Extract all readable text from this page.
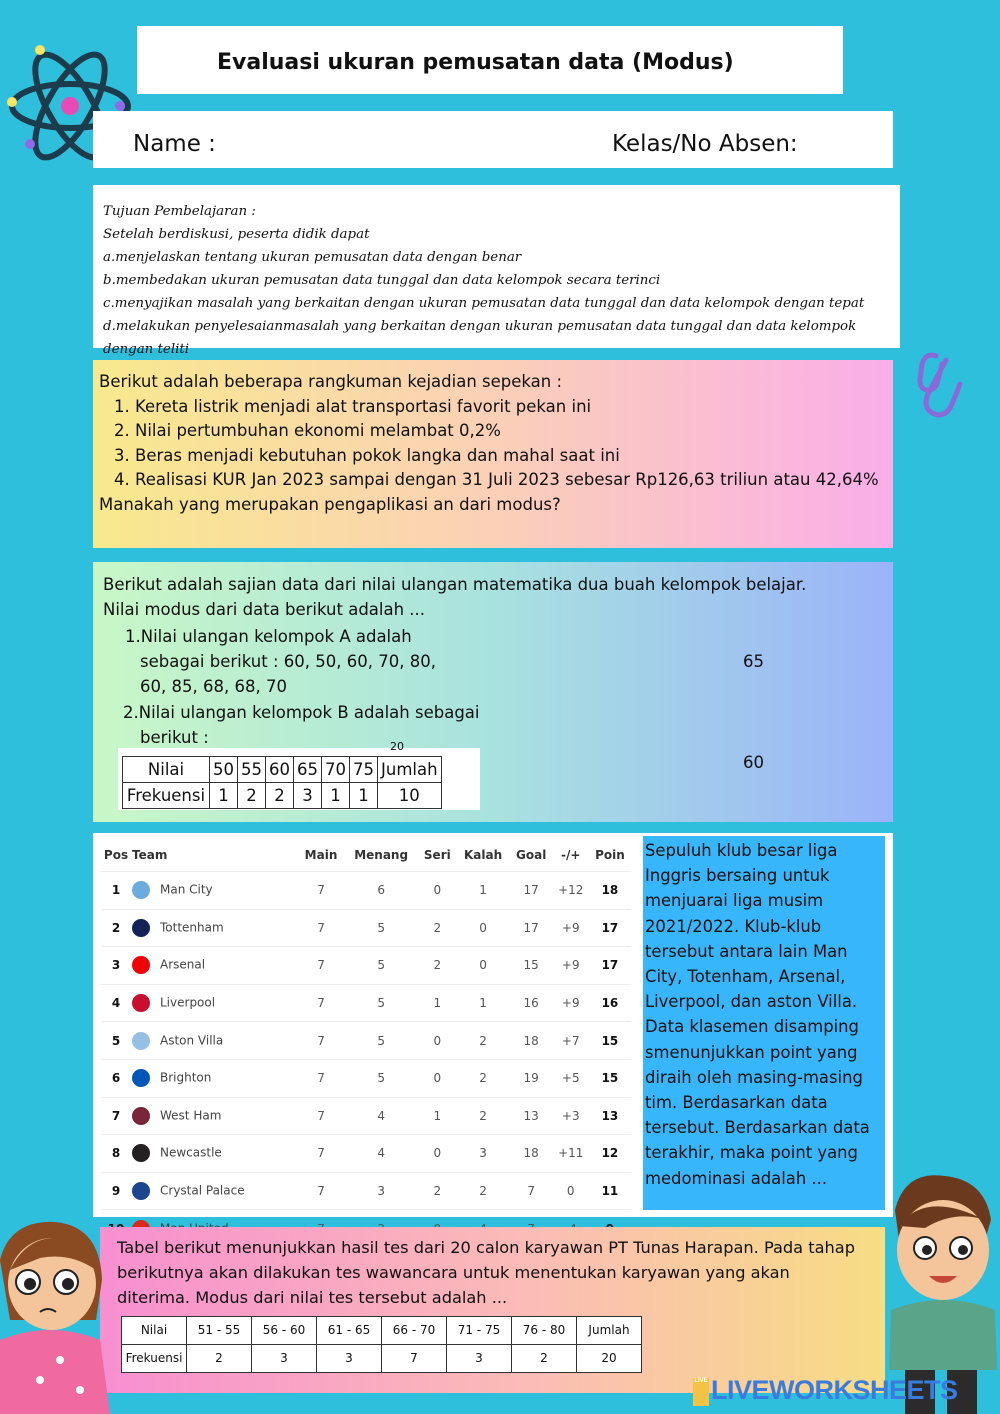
Evaluasi ukuran pemusatan data (Modus)
Name :	Kelas/No Absen:
Tujuan Pembelajaran :
Setelah berdiskusi, peserta didik dapat
a.menjelaskan tentang ukuran pemusatan data dengan benar
b.membedakan ukuran pemusatan data tunggal dan data kelompok secara terinci
c.menyajikan masalah yang berkaitan dengan ukuran pemusatan data tunggal dan data kelompok dengan tepat
d.melakukan penyelesaianmasalah yang berkaitan dengan ukuran pemusatan data tunggal dan data kelompok dengan teliti
Berikut adalah beberapa rangkuman kejadian sepekan :
1. Kereta listrik menjadi alat transportasi favorit pekan ini
2. Nilai pertumbuhan ekonomi melambat 0,2%
3. Beras menjadi kebutuhan pokok langka dan mahal saat ini
4. Realisasi KUR Jan 2023 sampai dengan 31 Juli 2023 sebesar Rp126,63 triliun atau 42,64%
Manakah yang merupakan pengaplikasi an dari modus?
Berikut adalah sajian data dari nilai ulangan matematika dua buah kelompok belajar.
Nilai modus dari data berikut adalah ...
1.Nilai ulangan kelompok A adalah
sebagai berikut : 60, 50, 60, 70, 80,
60, 85, 68, 68, 70
2.Nilai ulangan kelompok B adalah sebagai
berikut :
65
60
20
Nilai	50	55	60	65	70	75	Jumlah
Frekuensi	1	2	2	3	1	1	10
Pos	Team	Main	Menang	Seri	Kalah	Goal	-/+	Poin
1	Man City	7	6	0	1	17	+12	18
2	Tottenham	7	5	2	0	17	+9	17
3	Arsenal	7	5	2	0	15	+9	17
4	Liverpool	7	5	1	1	16	+9	16
5	Aston Villa	7	5	0	2	18	+7	15
6	Brighton	7	5	0	2	19	+5	15
7	West Ham	7	4	1	2	13	+3	13
8	Newcastle	7	4	0	3	18	+11	12
9	Crystal Palace	7	3	2	2	7	0	11

Sepuluh klub besar liga Inggris bersaing untuk menjuarai liga musim 2021/2022. Klub-klub tersebut antara lain Man City, Totenham, Arsenal, Liverpool, dan aston Villa. Data klasemen disamping smenunjukkan point yang diraih oleh masing-masing tim. Berdasarkan data tersebut. Berdasarkan data terakhir, maka point yang medominasi adalah ...
Tabel berikut menunjukkan hasil tes dari 20 calon karyawan PT Tunas Harapan. Pada tahap berikutnya akan dilakukan tes wawancara untuk menentukan karyawan yang akan diterima. Modus dari nilai tes tersebut adalah ...
Nilai	51 - 55	56 - 60	61 - 65	66 - 70	71 - 75	76 - 80	Jumlah
Frekuensi	2	3	3	7	3	2	20
LIVE LIVEWORKSHEETS
